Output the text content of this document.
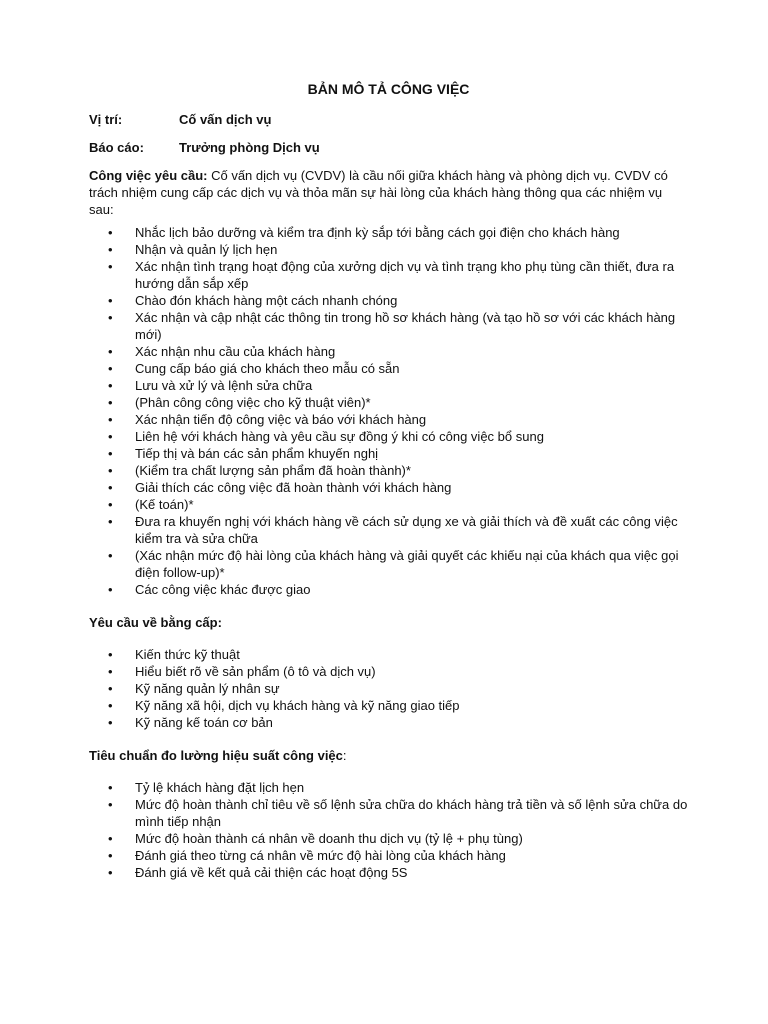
BẢN MÔ TẢ CÔNG VIỆC
Vị trí:	Cố vấn dịch vụ
Báo cáo:	Trưởng phòng Dịch vụ

Công việc yêu cầu: Cố vấn dịch vụ (CVDV) là cầu nối giữa khách hàng và phòng dịch vụ. CVDV có trách nhiệm cung cấp các dịch vụ và thỏa mãn sự hài lòng của khách hàng thông qua các nhiệm vụ sau:

• Nhắc lịch bảo dưỡng và kiểm tra định kỳ sắp tới bằng cách gọi điện cho khách hàng
• Nhận và quản lý lịch hẹn
• Xác nhận tình trạng hoạt động của xưởng dịch vụ và tình trạng kho phụ tùng cần thiết, đưa ra hướng dẫn sắp xếp
• Chào đón khách hàng một cách nhanh chóng
• Xác nhận và cập nhật các thông tin trong hồ sơ khách hàng (và tạo hồ sơ với các khách hàng mới)
• Xác nhận nhu cầu của khách hàng
• Cung cấp báo giá cho khách theo mẫu có sẵn
• Lưu và xử lý và lệnh sửa chữa
• (Phân công công việc cho kỹ thuật viên)*
• Xác nhận tiến độ công việc và báo với khách hàng
• Liên hệ với khách hàng và yêu cầu sự đồng ý khi có công việc bổ sung
• Tiếp thị và bán các sản phẩm khuyến nghị
• (Kiểm tra chất lượng sản phẩm đã hoàn thành)*
• Giải thích các công việc đã hoàn thành với khách hàng
• (Kế toán)*
• Đưa ra khuyến nghị với khách hàng về cách sử dụng xe và giải thích và đề xuất các công việc kiểm tra và sửa chữa
• (Xác nhận mức độ hài lòng của khách hàng và giải quyết các khiếu nại của khách qua việc gọi điện follow-up)*
• Các công việc khác được giao
Yêu cầu về bằng cấp:
• Kiến thức kỹ thuật
• Hiểu biết rõ về sản phẩm (ô tô và dịch vụ)
• Kỹ năng quản lý nhân sự
• Kỹ năng xã hội, dịch vụ khách hàng và kỹ năng giao tiếp
• Kỹ năng kế toán cơ bản
Tiêu chuẩn đo lường hiệu suất công việc:
• Tỷ lệ khách hàng đặt lịch hẹn
• Mức độ hoàn thành chỉ tiêu về số lệnh sửa chữa do khách hàng trả tiền và số lệnh sửa chữa do mình tiếp nhận
• Mức độ hoàn thành cá nhân về doanh thu dịch vụ (tỷ lệ + phụ tùng)
• Đánh giá theo từng cá nhân về mức độ hài lòng của khách hàng
• Đánh giá về kết quả cải thiện các hoạt động 5S
